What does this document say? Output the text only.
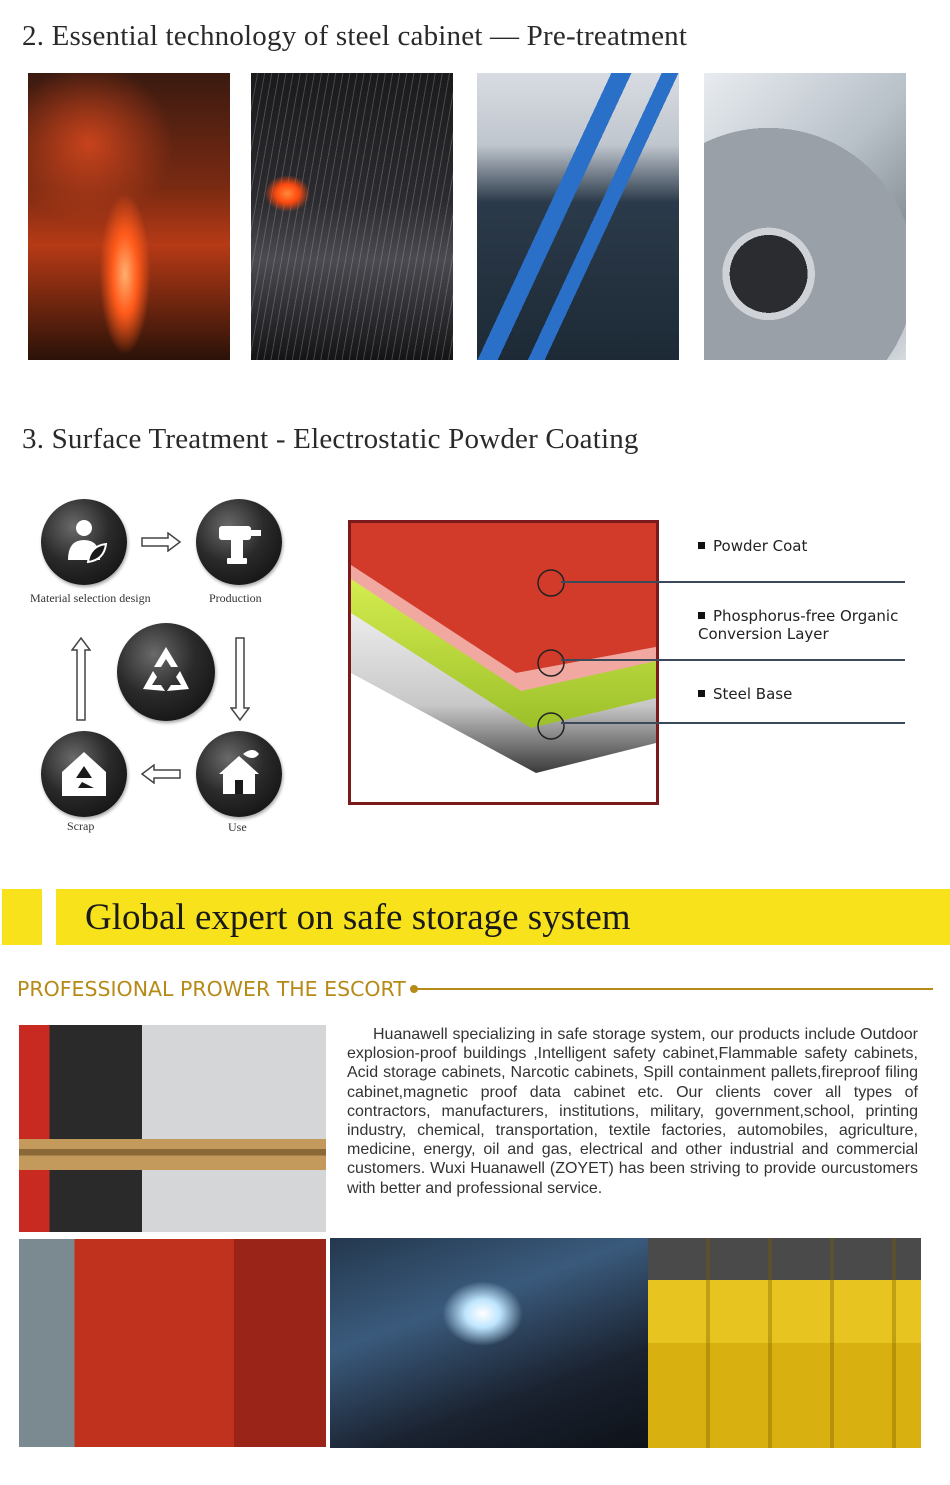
2. Essential technology of steel cabinet — Pre-treatment
3. Surface Treatment - Electrostatic Powder Coating
Material selection design	Production
Scrap	Use
Powder Coat
Phosphorus-free Organic
Conversion Layer
Steel Base
Global expert on safe storage system
PROFESSIONAL PROWER THE ESCORT
Huanawell specializing in safe storage system, our products include Outdoor explosion-proof buildings ,Intelligent safety cabinet,Flammable safety cabinets, Acid storage cabinets, Narcotic cabinets, Spill containment pallets,fireproof filing cabinet,magnetic proof data cabinet etc. Our clients cover all types of contractors, manufacturers, institutions, military, government,school, printing industry, chemical, transportation, textile factories, automobiles, agriculture, medicine, energy, oil and gas, electrical and other industrial and commercial customers. Wuxi Huanawell (ZOYET) has been striving to provide ourcustomers with better and professional service.
